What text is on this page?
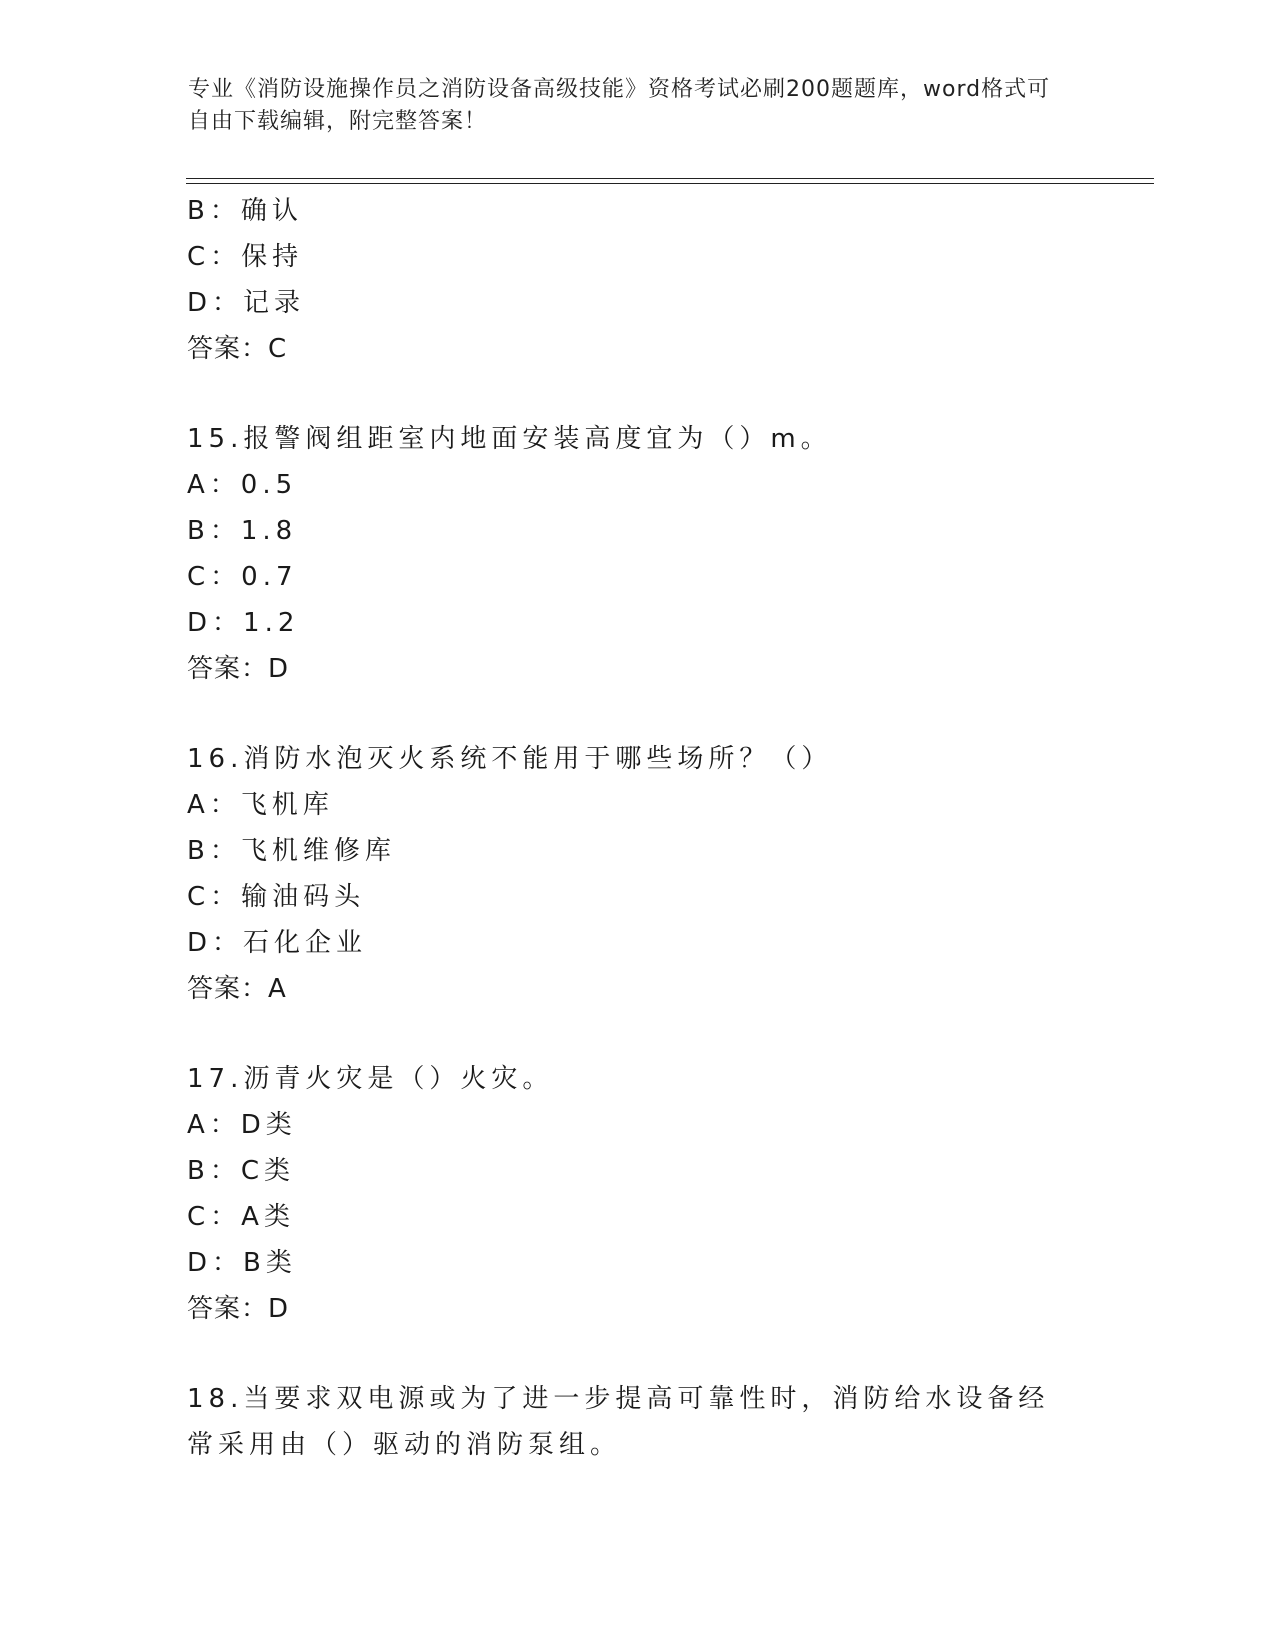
专业《消防设施操作员之消防设备高级技能》资格考试必刷200题题库，word格式可自由下载编辑，附完整答案！
B：确认
C：保持
D：记录
答案：C
15.报警阀组距室内地面安装高度宜为（）m。
A：0.5
B：1.8
C：0.7
D：1.2
答案：D
16.消防水泡灭火系统不能用于哪些场所？（）
A：飞机库
B：飞机维修库
C：输油码头
D：石化企业
答案：A
17.沥青火灾是（）火灾。
A：D类
B：C类
C：A类
D：B类
答案：D
18.当要求双电源或为了进一步提高可靠性时，消防给水设备经常采用由（）驱动的消防泵组。
